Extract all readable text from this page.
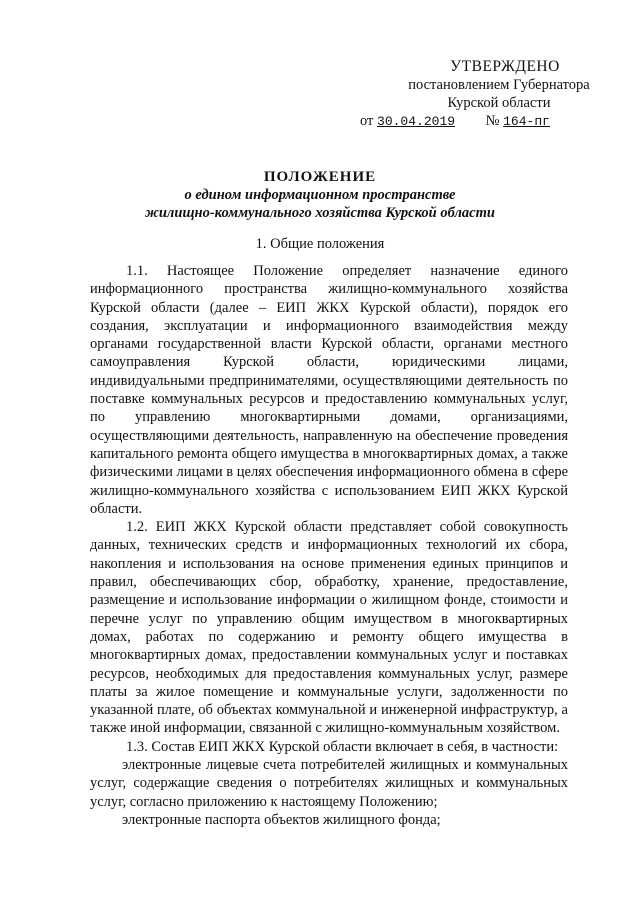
УТВЕРЖДЕНО
постановлением Губернатора
Курской области
от 30.04.2019 № 164-пг
ПОЛОЖЕНИЕ
о едином информационном пространстве
жилищно-коммунального хозяйства Курской области
1. Общие положения

1.1. Настоящее Положение определяет назначение единого информационного пространства жилищно-коммунального хозяйства Курской области (далее – ЕИП ЖКХ Курской области), порядок его создания, эксплуатации и информационного взаимодействия между органами государственной власти Курской области, органами местного самоуправления Курской области, юридическими лицами, индивидуальными предпринимателями, осуществляющими деятельность по поставке коммунальных ресурсов и предоставлению коммунальных услуг, по управлению многоквартирными домами, организациями, осуществляющими деятельность, направленную на обеспечение проведения капитального ремонта общего имущества в многоквартирных домах, а также физическими лицами в целях обеспечения информационного обмена в сфере жилищно-коммунального хозяйства с использованием ЕИП ЖКХ Курской области.

1.2. ЕИП ЖКХ Курской области представляет собой совокупность данных, технических средств и информационных технологий их сбора, накопления и использования на основе применения единых принципов и правил, обеспечивающих сбор, обработку, хранение, предоставление, размещение и использование информации о жилищном фонде, стоимости и перечне услуг по управлению общим имуществом в многоквартирных домах, работах по содержанию и ремонту общего имущества в многоквартирных домах, предоставлении коммунальных услуг и поставках ресурсов, необходимых для предоставления коммунальных услуг, размере платы за жилое помещение и коммунальные услуги, задолженности по указанной плате, об объектах коммунальной и инженерной инфраструктур, а также иной информации, связанной с жилищно-коммунальным хозяйством.

1.3. Состав ЕИП ЖКХ Курской области включает в себя, в частности:

электронные лицевые счета потребителей жилищных и коммунальных услуг, содержащие сведения о потребителях жилищных и коммунальных услуг, согласно приложению к настоящему Положению;

электронные паспорта объектов жилищного фонда;
